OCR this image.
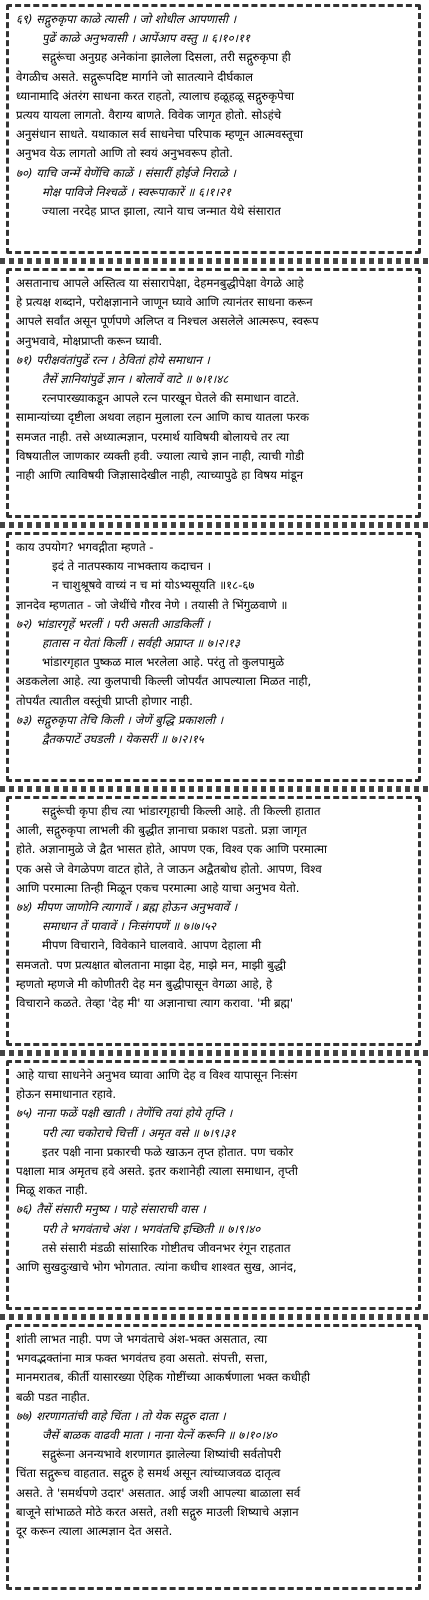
६९) सद्गुरुकृपा काळे त्यासी । जो शोधील आपणासी ।
पुढें काळे अनुभवासी । आपेंआप वस्तु ॥ ६।१०।११
सद्गुरूंचा अनुग्रह अनेकांना झालेला दिसला, तरी सद्गुरुकृपा ही
वेगळीच असते. सद्गुरूपदिष्ट मार्गाने जो सातत्याने दीर्घकाल
ध्यानामादि अंतरंग साधना करत राहतो, त्यालाच हळूहळू सद्गुरुकृपेचा
प्रत्यय यायला लागतो. वैराग्य बाणते. विवेक जागृत होतो. सोऽहंचे
अनुसंधान साधते. यथाकाल सर्व साधनेचा परिपाक म्हणून आत्मवस्तूचा
अनुभव येऊ लागतो आणि तो स्वयं अनुभवरूप होतो.
७०) याचि जन्में येणेंचि काळें । संसारीं होईजे निराळे ।
मोक्ष पाविजे निश्चळें । स्वरूपाकारें ॥ ६।१।२१
ज्याला नरदेह प्राप्त झाला, त्याने याच जन्मात येथे संसारात
असतानाच आपले अस्तित्व या संसारापेक्षा, देहमनबुद्धीपेक्षा वेगळे आहे
हे प्रत्यक्ष शब्दाने, परोक्षज्ञानाने जाणून घ्यावे आणि त्यानंतर साधना करून
आपले सर्वांत असून पूर्णपणे अलिप्त व निश्चल असलेले आत्मरूप, स्वरूप
अनुभवावे, मोक्षप्राप्ती करून घ्यावी.
७१) परीक्षवंतांपुढें रत्न । ठेवितां होये समाधान ।
तैसें ज्ञानियांपुढें ज्ञान । बोलावें वाटे ॥ ७।१।४८
रत्नपारख्याकडून आपले रत्न पारखून घेतले की समाधान वाटते.
सामान्यांच्या दृष्टीला अथवा लहान मुलाला रत्न आणि काच यातला फरक
समजत नाही. तसे अध्यात्मज्ञान, परमार्थ याविषयी बोलायचे तर त्या
विषयातील जाणकार व्यक्ती हवी. ज्याला त्याचे ज्ञान नाही, त्याची गोडी
नाही आणि त्याविषयी जिज्ञासादेखील नाही, त्याच्यापुढे हा विषय मांडून
काय उपयोग? भगवद्गीता म्हणते -
इदं ते नातपस्काय नाभक्ताय कदाचन ।
न चाशुश्रूषवे वाच्यं न च मां योऽभ्यसूयति ॥१८-६७
ज्ञानदेव म्हणतात - जो जेथींचे गौरव नेणे । तयासी ते भिंगुळवाणे ॥
७२) भांडारगृहें भरलीं । परी असती आडकिलीं ।
हातास न येतां किलीं । सर्वही अप्राप्त ॥ ७।२।१३
भांडारगृहात पुष्कळ माल भरलेला आहे. परंतु तो कुलपामुळे
अडकलेला आहे. त्या कुलपाची किल्ली जोपर्यंत आपल्याला मिळत नाही,
तोपर्यंत त्यातील वस्तूंची प्राप्ती होणार नाही.
७३) सद्गुरुकृपा तेचि किली । जेणें बुद्धि प्रकाशली ।
द्वैतकपाटें उघडली । येकसरीं ॥ ७।२।१५
सद्गुरूंची कृपा हीच त्या भांडारगृहाची किल्ली आहे. ती किल्ली हातात
आली, सद्गुरुकृपा लाभली की बुद्धीत ज्ञानाचा प्रकाश पडतो. प्रज्ञा जागृत
होते. अज्ञानामुळे जे द्वैत भासत होते, आपण एक, विश्व एक आणि परमात्मा
एक असे जे वेगळेपण वाटत होते, ते जाऊन अद्वैतबोध होतो. आपण, विश्व
आणि परमात्मा तिन्ही मिळून एकच परमात्मा आहे याचा अनुभव येतो.
७४) मीपण जाणोनि त्यागावें । ब्रह्म होऊन अनुभवावें ।
समाधान तें पावावें । निःसंगपणें ॥ ७।७।५२
मीपण विचाराने, विवेकाने घालवावे. आपण देहाला मी
समजतो. पण प्रत्यक्षात बोलताना माझा देह, माझे मन, माझी बुद्धी
म्हणतो म्हणजे मी कोणीतरी देह मन बुद्धीपासून वेगळा आहे, हे
विचाराने कळते. तेव्हा 'देह मी' या अज्ञानाचा त्याग करावा. 'मी ब्रह्म'
आहे याचा साधनेने अनुभव घ्यावा आणि देह व विश्व यापासून निःसंग
होऊन समाधानात रहावे.
७५) नाना फळें पक्षी खाती । तेणेंचि तयां होये तृप्ति ।
परी त्या चकोराचे चित्तीं । अमृत वसे ॥ ७।९।३१
इतर पक्षी नाना प्रकारची फळे खाऊन तृप्त होतात. पण चकोर
पक्षाला मात्र अमृतच हवे असते. इतर कशानेही त्याला समाधान, तृप्ती
मिळू शकत नाही.
७६) तैसें संसारी मनुष्य । पाहे संसाराची वास ।
परी ते भगवंताचे अंश । भगवंतचि इच्छिती ॥ ७।९।४०
तसे संसारी मंडळी सांसारिक गोष्टीतच जीवनभर रंगून राहतात
आणि सुखदुःखाचे भोग भोगतात. त्यांना कधीच शाश्वत सुख, आनंद,
शांती लाभत नाही. पण जे भगवंताचे अंश-भक्त असतात, त्या
भगवद्भक्तांना मात्र फक्त भगवंतच हवा असतो. संपत्ती, सत्ता,
मानमरातब, कीर्ती यासारख्या ऐहिक गोष्टींच्या आकर्षणाला भक्त कधीही
बळी पडत नाहीत.
७७) शरणागतांची वाहे चिंता । तो येक सद्गुरु दाता ।
जैसें बाळक वाढवी माता । नाना येत्नें करूनि ॥ ७।१०।४०
सद्गुरूंना अनन्यभावे शरणागत झालेल्या शिष्यांची सर्वतोपरी
चिंता सद्गुरूच वाहतात. सद्गुरु हे समर्थ असून त्यांच्याजवळ दातृत्व
असते. ते 'समर्थपणे उदार' असतात. आई जशी आपल्या बाळाला सर्व
बाजूने सांभाळते मोठे करत असते, तशी सद्गुरु माउली शिष्याचे अज्ञान
दूर करून त्याला आत्मज्ञान देत असते.
